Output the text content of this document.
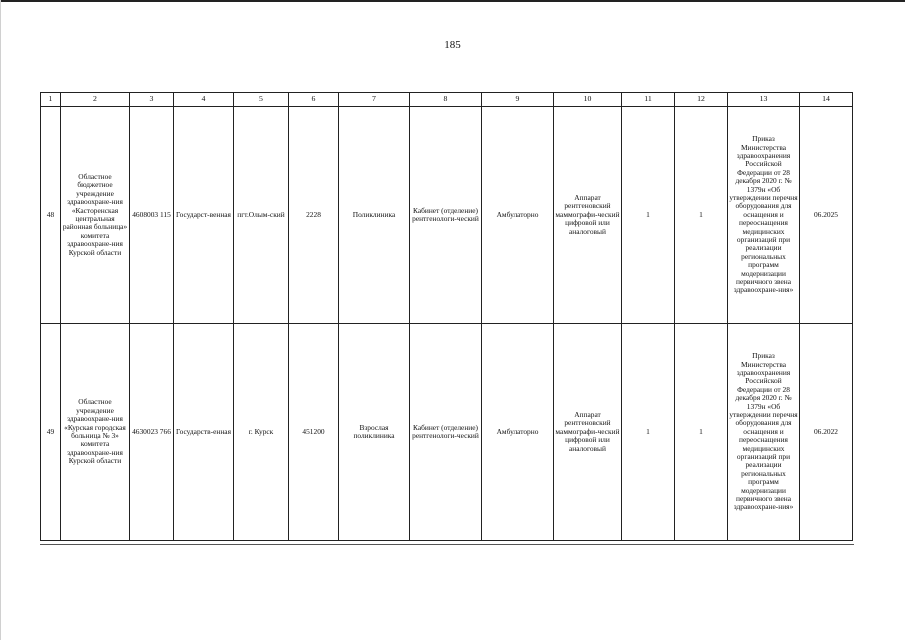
185
1	2	3	4	5	6	7	8	9	10	11	12	13	14
48	Областное бюджетное учреждение здравоохране-ния «Касторенская центральная районная больница» комитета здравоохране-ния Курской области	4608003 115	Государст-венная	пгт.Олым-ский	2228	Поликлиника	Кабинет (отделение) рентгенологи-ческий	Амбулаторно	Аппарат рентгеновский маммографи-ческий цифровой или аналоговый	1	1	Приказ Министерства здравоохранения Российской Федерации от 28 декабря 2020 г. № 1379н «Об утверждении перечня оборудования для оснащения и переоснащения медицинских организаций при реализации региональных программ модернизации первичного звена здравоохране-ния»	06.2025
49	Областное учреждение здравоохране-ния «Курская городская больница № 3» комитета здравоохране-ния Курской области	4630023 766	Государств-енная	г. Курск	451200	Взрослая поликлиника	Кабинет (отделение) рентгенологи-ческий	Амбулаторно	Аппарат рентгеновский маммографи-ческий цифровой или аналоговый	1	1	Приказ Министерства здравоохранения Российской Федерации от 28 декабря 2020 г. № 1379н «Об утверждении перечня оборудования для оснащения и переоснащения медицинских организаций при реализации региональных программ модернизации первичного звена здравоохране-ния»	06.2022
